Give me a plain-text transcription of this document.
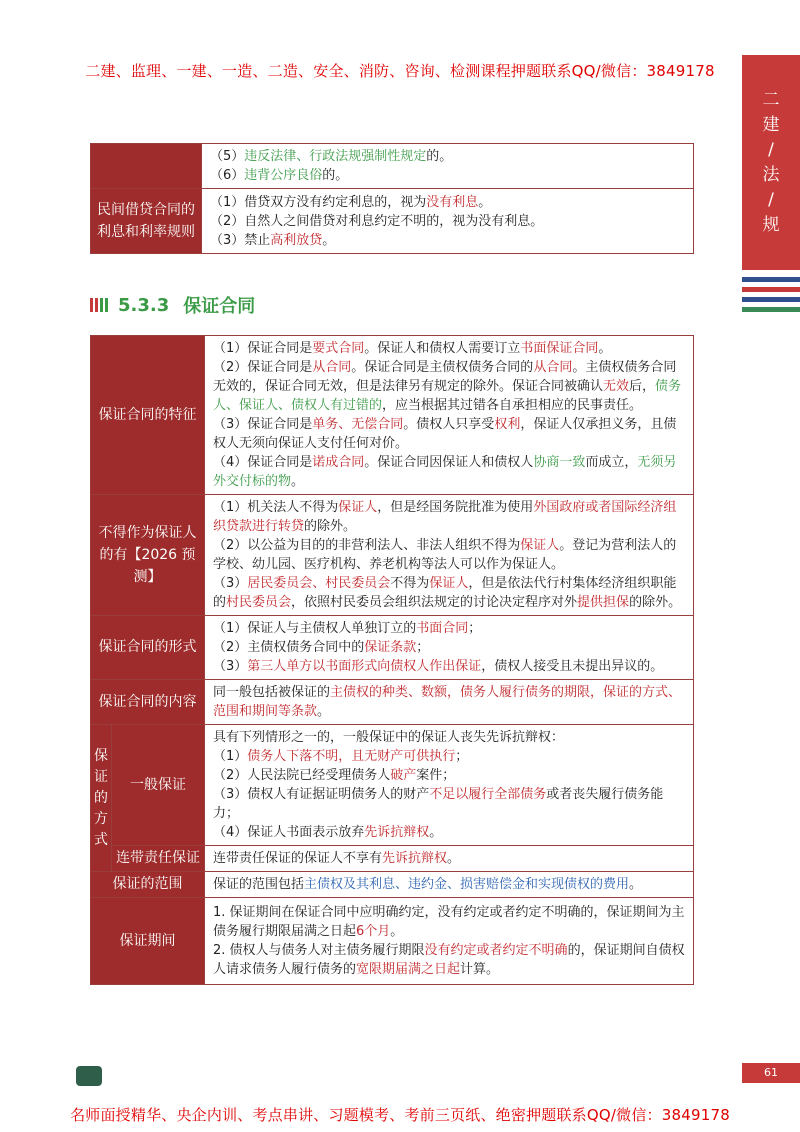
二建、监理、一建、一造、二造、安全、消防、咨询、检测课程押题联系QQ/微信：3849178
二
建
/
法
/
规

	（5）违反法律、行政法规强制性规定的。
（6）违背公序良俗的。

民间借贷合同的利息和利率规则	（1）借贷双方没有约定利息的，视为没有利息。
（2）自然人之间借贷对利息约定不明的，视为没有利息。
（3）禁止高利放贷。
5.3.3 保证合同
保证合同的特征		（1）保证合同是要式合同。保证人和债权人需要订立书面保证合同。
（2）保证合同是从合同。保证合同是主债权债务合同的从合同。主债权债务合同无效的，保证合同无效，但是法律另有规定的除外。保证合同被确认无效后，债务人、保证人、债权人有过错的，应当根据其过错各自承担相应的民事责任。
（3）保证合同是单务、无偿合同。债权人只享受权利，保证人仅承担义务，且债权人无须向保证人支付任何对价。
（4）保证合同是诺成合同。保证合同因保证人和债权人协商一致而成立，无须另外交付标的物。

不得作为保证人的有【2026 预测】		（1）机关法人不得为保证人，但是经国务院批准为使用外国政府或者国际经济组织贷款进行转贷的除外。
（2）以公益为目的的非营利法人、非法人组织不得为保证人。登记为营利法人的学校、幼儿园、医疗机构、养老机构等法人可以作为保证人。
（3）居民委员会、村民委员会不得为保证人，但是依法代行村集体经济组织职能的村民委员会，依照村民委员会组织法规定的讨论决定程序对外提供担保的除外。

保证合同的形式		（1）保证人与主债权人单独订立的书面合同；
（2）主债权债务合同中的保证条款；
（3）第三人单方以书面形式向债权人作出保证，债权人接受且未提出异议的。

保证合同的内容		同一般包括被保证的主债权的种类、数额，债务人履行债务的期限，保证的方式、范围和期间等条款。

保证的方式	一般保证	具有下列情形之一的，一般保证中的保证人丧失先诉抗辩权：
（1）债务人下落不明，且无财产可供执行；
（2）人民法院已经受理债务人破产案件；
（3）债权人有证据证明债务人的财产不足以履行全部债务或者丧失履行债务能力；
（4）保证人书面表示放弃先诉抗辩权。

	连带责任保证	连带责任保证的保证人不享有先诉抗辩权。

保证的范围		保证的范围包括主债权及其利息、违约金、损害赔偿金和实现债权的费用。

保证期间		1. 保证期间在保证合同中应明确约定，没有约定或者约定不明确的，保证期间为主债务履行期限届满之日起6个月。
2. 债权人与债务人对主债务履行期限没有约定或者约定不明确的，保证期间自债权人请求债务人履行债务的宽限期届满之日起计算。
61
名师面授精华、央企内训、考点串讲、习题模考、考前三页纸、绝密押题联系QQ/微信：3849178
